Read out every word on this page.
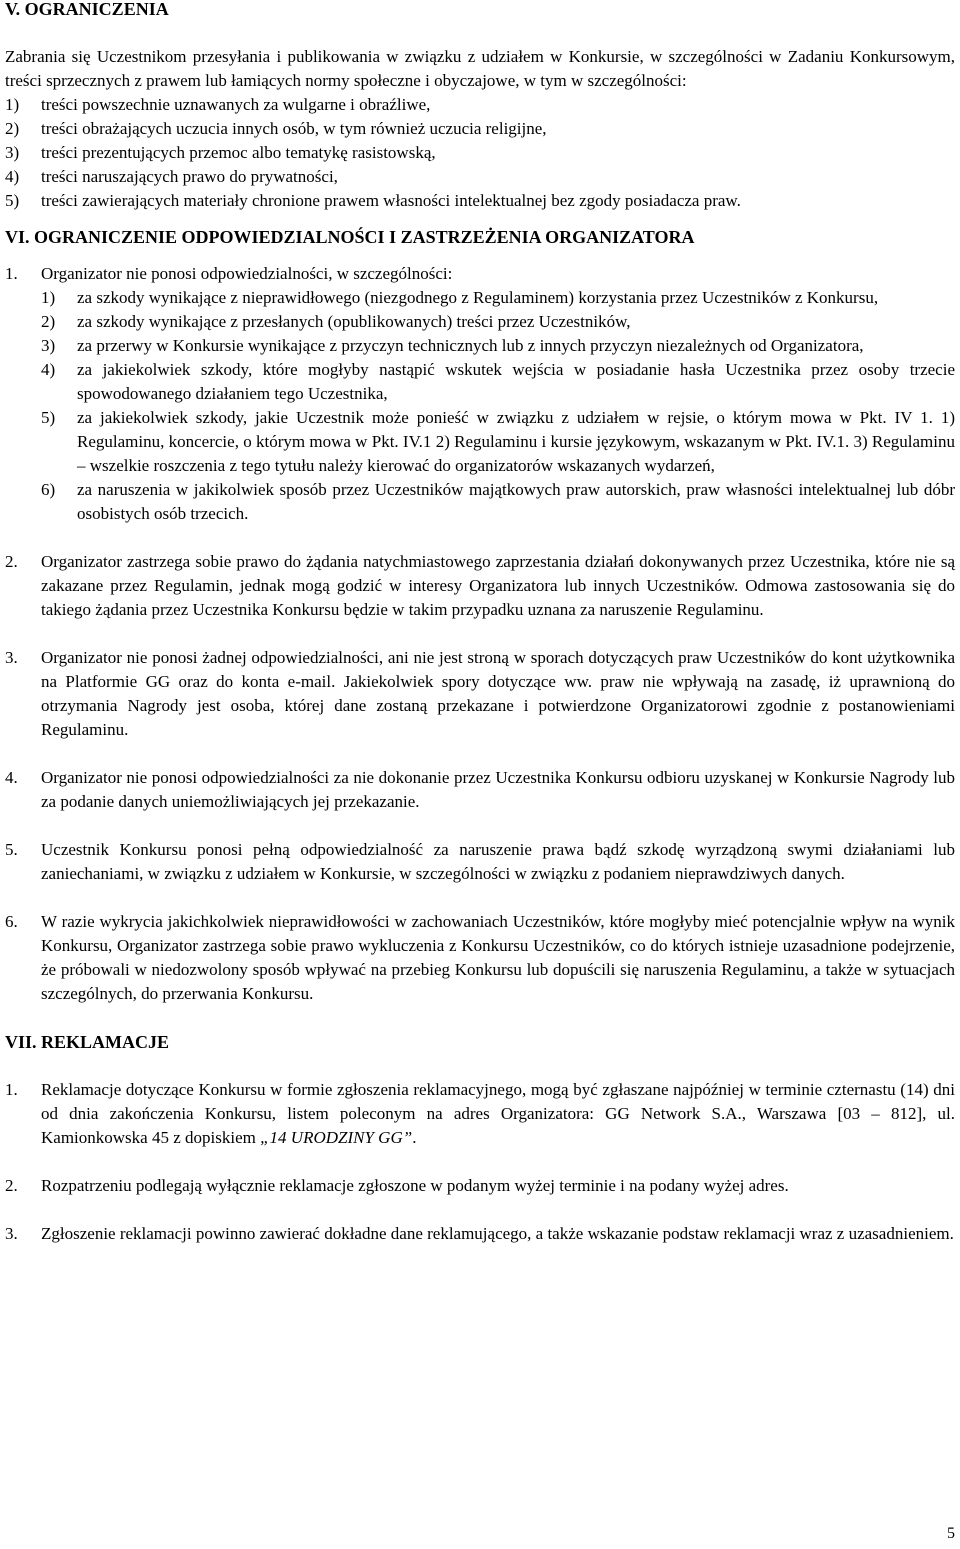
V. OGRANICZENIA

Zabrania się Uczestnikom przesyłania i publikowania w związku z udziałem w Konkursie, w szczególności w Zadaniu Konkursowym, treści sprzecznych z prawem lub łamiących normy społeczne i obyczajowe, w tym w szczególności:

1) treści powszechnie uznawanych za wulgarne i obraźliwe,
2) treści obrażających uczucia innych osób, w tym również uczucia religijne,
3) treści prezentujących przemoc albo tematykę rasistowską,
4) treści naruszających prawo do prywatności,
5) treści zawierających materiały chronione prawem własności intelektualnej bez zgody posiadacza praw.
VI. OGRANICZENIE ODPOWIEDZIALNOŚCI I ZASTRZEŻENIA ORGANIZATORA
1. Organizator nie ponosi odpowiedzialności, w szczególności:
1) za szkody wynikające z nieprawidłowego (niezgodnego z Regulaminem) korzystania przez Uczestników z Konkursu,
2) za szkody wynikające z przesłanych (opublikowanych) treści przez Uczestników,
3) za przerwy w Konkursie wynikające z przyczyn technicznych lub z innych przyczyn niezależnych od Organizatora,
4) za jakiekolwiek szkody, które mogłyby nastąpić wskutek wejścia w posiadanie hasła Uczestnika przez osoby trzecie spowodowanego działaniem tego Uczestnika,
5) za jakiekolwiek szkody, jakie Uczestnik może ponieść w związku z udziałem w rejsie, o którym mowa w Pkt. IV 1. 1) Regulaminu, koncercie, o którym mowa w Pkt. IV.1 2) Regulaminu i kursie językowym, wskazanym w Pkt. IV.1. 3) Regulaminu – wszelkie roszczenia z tego tytułu należy kierować do organizatorów wskazanych wydarzeń,
6) za naruszenia w jakikolwiek sposób przez Uczestników majątkowych praw autorskich, praw własności intelektualnej lub dóbr osobistych osób trzecich.
2. Organizator zastrzega sobie prawo do żądania natychmiastowego zaprzestania działań dokonywanych przez Uczestnika, które nie są zakazane przez Regulamin, jednak mogą godzić w interesy Organizatora lub innych Uczestników. Odmowa zastosowania się do takiego żądania przez Uczestnika Konkursu będzie w takim przypadku uznana za naruszenie Regulaminu.
3. Organizator nie ponosi żadnej odpowiedzialności, ani nie jest stroną w sporach dotyczących praw Uczestników do kont użytkownika na Platformie GG oraz do konta e-mail. Jakiekolwiek spory dotyczące ww. praw nie wpływają na zasadę, iż uprawnioną do otrzymania Nagrody jest osoba, której dane zostaną przekazane i potwierdzone Organizatorowi zgodnie z postanowieniami Regulaminu.
4. Organizator nie ponosi odpowiedzialności za nie dokonanie przez Uczestnika Konkursu odbioru uzyskanej w Konkursie Nagrody lub za podanie danych uniemożliwiających jej przekazanie.
5. Uczestnik Konkursu ponosi pełną odpowiedzialność za naruszenie prawa bądź szkodę wyrządzoną swymi działaniami lub zaniechaniami, w związku z udziałem w Konkursie, w szczególności w związku z podaniem nieprawdziwych danych.
6. W razie wykrycia jakichkolwiek nieprawidłowości w zachowaniach Uczestników, które mogłyby mieć potencjalnie wpływ na wynik Konkursu, Organizator zastrzega sobie prawo wykluczenia z Konkursu Uczestników, co do których istnieje uzasadnione podejrzenie, że próbowali w niedozwolony sposób wpływać na przebieg Konkursu lub dopuścili się naruszenia Regulaminu, a także w sytuacjach szczególnych, do przerwania Konkursu.
VII. REKLAMACJE
1. Reklamacje dotyczące Konkursu w formie zgłoszenia reklamacyjnego, mogą być zgłaszane najpóźniej w terminie czternastu (14) dni od dnia zakończenia Konkursu, listem poleconym na adres Organizatora: GG Network S.A., Warszawa [03 – 812], ul. Kamionkowska 45 z dopiskiem „14 URODZINY GG”.
2. Rozpatrzeniu podlegają wyłącznie reklamacje zgłoszone w podanym wyżej terminie i na podany wyżej adres.
3. Zgłoszenie reklamacji powinno zawierać dokładne dane reklamującego, a także wskazanie podstaw reklamacji wraz z uzasadnieniem.
5
